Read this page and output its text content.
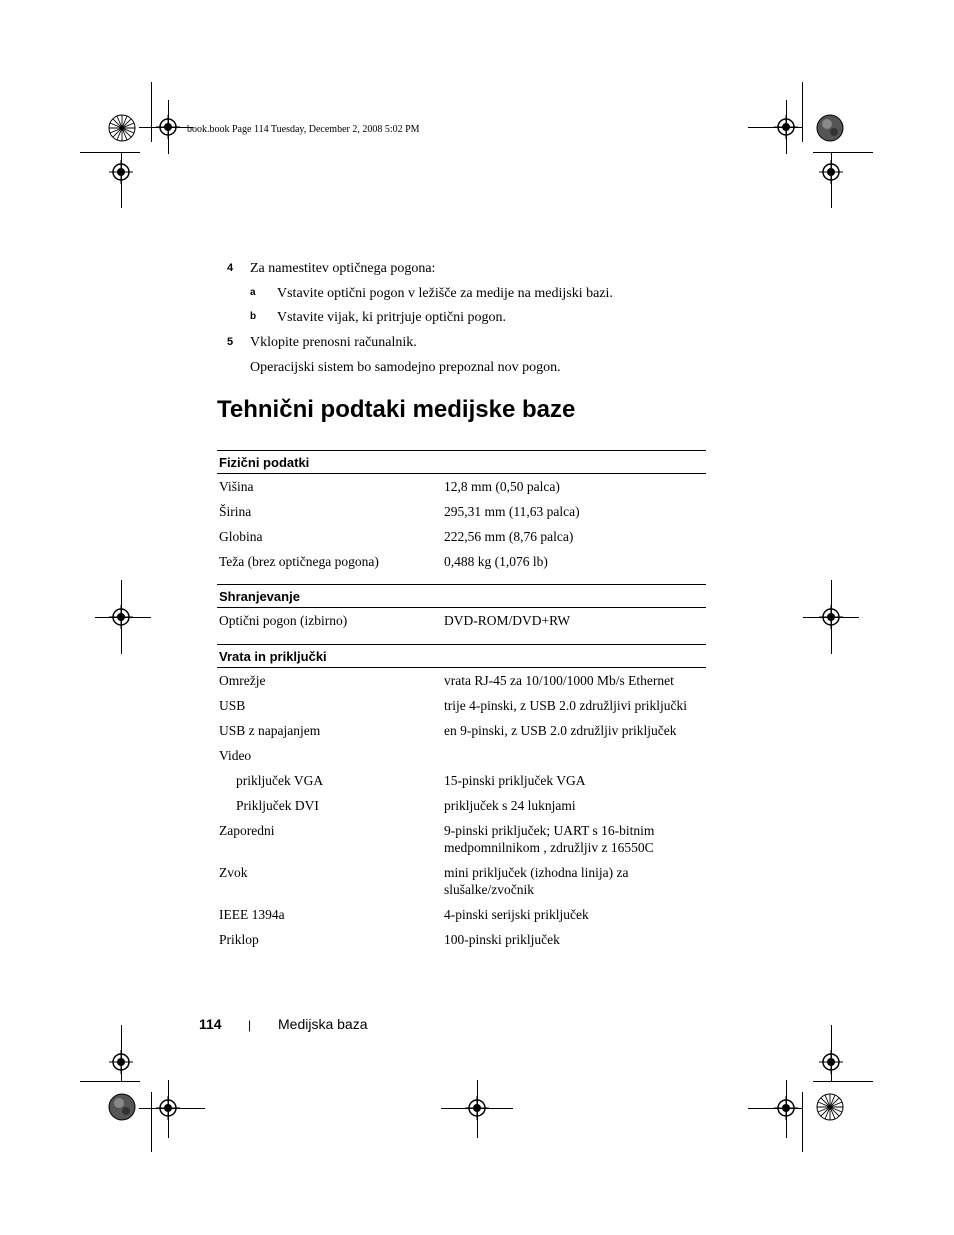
book.book Page 114 Tuesday, December 2, 2008 5:02 PM
4 Za namestitev optičnega pogona:
a Vstavite optični pogon v ležišče za medije na medijski bazi.
b Vstavite vijak, ki pritrjuje optični pogon.
5 Vklopite prenosni računalnik.
Operacijski sistem bo samodejno prepoznal nov pogon.
Tehnični podtaki medijske baze
Fizični podatki
Višina	12,8 mm (0,50 palca)
Širina	295,31 mm (11,63 palca)
Globina	222,56 mm (8,76 palca)
Teža (brez optičnega pogona)	0,488 kg (1,076 lb)
Shranjevanje
Optični pogon (izbirno)	DVD-ROM/DVD+RW
Vrata in priključki
Omrežje	vrata RJ-45 za 10/100/1000 Mb/s Ethernet
USB	trije 4-pinski, z USB 2.0 združljivi priključki
USB z napajanjem	en 9-pinski, z USB 2.0 združljiv priključek
Video
priključek VGA	15-pinski priključek VGA
Priključek DVI	priključek s 24 luknjami
Zaporedni	9-pinski priključek; UART s 16-bitnim medpomnilnikom , združljiv z 16550C
Zvok	mini priključek (izhodna linija) za slušalke/zvočnik
IEEE 1394a	4-pinski serijski priključek
Priklop	100-pinski priključek
114 | Medijska baza
